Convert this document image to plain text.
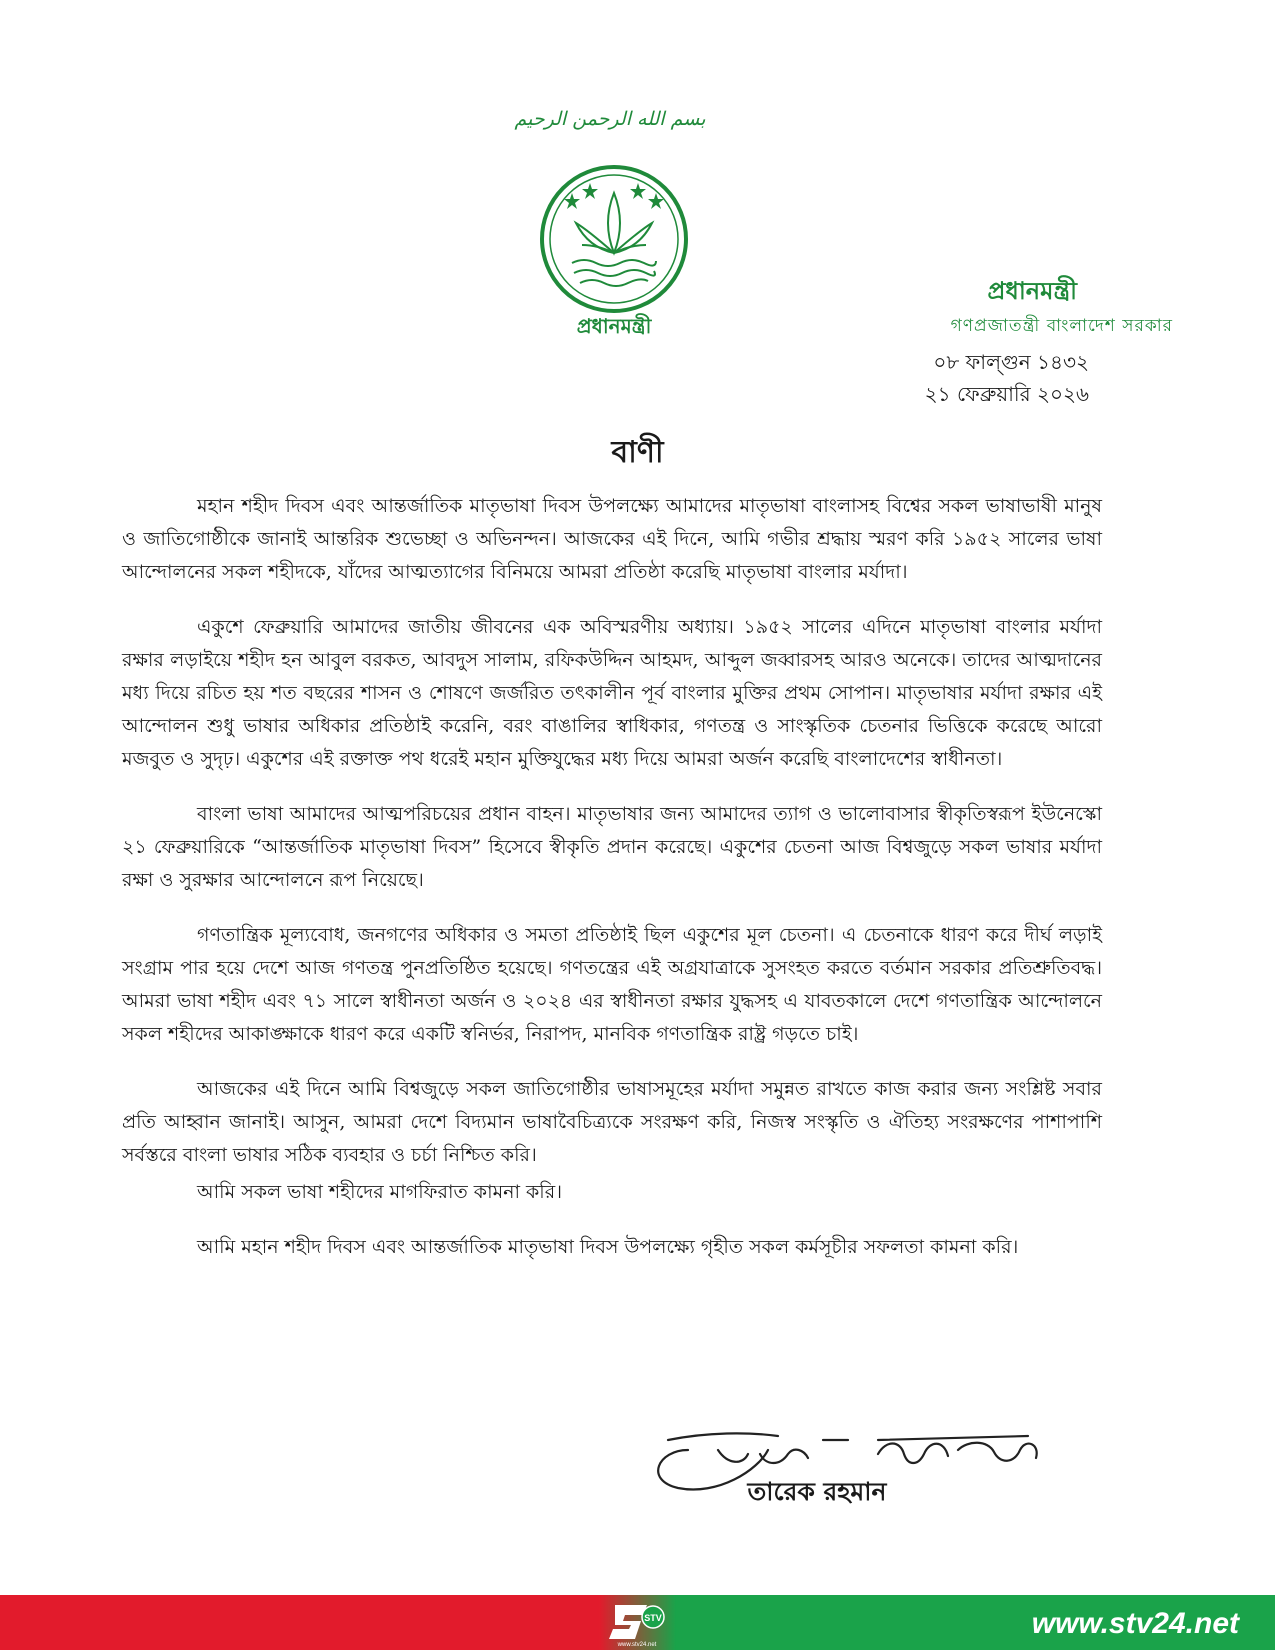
بسم الله الرحمن الرحيم
প্রধানমন্ত্রী
প্রধানমন্ত্রী
গণপ্রজাতন্ত্রী বাংলাদেশ সরকার
০৮ ফাল্গুন ১৪৩২
২১ ফেব্রুয়ারি ২০২৬
বাণী

মহান শহীদ দিবস এবং আন্তর্জাতিক মাতৃভাষা দিবস উপলক্ষ্যে আমাদের মাতৃভাষা বাংলাসহ বিশ্বের সকল ভাষাভাষী মানুষ ও জাতিগোষ্ঠীকে জানাই আন্তরিক শুভেচ্ছা ও অভিনন্দন। আজকের এই দিনে, আমি গভীর শ্রদ্ধায় স্মরণ করি ১৯৫২ সালের ভাষা আন্দোলনের সকল শহীদকে, যাঁদের আত্মত্যাগের বিনিময়ে আমরা প্রতিষ্ঠা করেছি মাতৃভাষা বাংলার মর্যাদা।

একুশে ফেব্রুয়ারি আমাদের জাতীয় জীবনের এক অবিস্মরণীয় অধ্যায়। ১৯৫২ সালের এদিনে মাতৃভাষা বাংলার মর্যাদা রক্ষার লড়াইয়ে শহীদ হন আবুল বরকত, আবদুস সালাম, রফিকউদ্দিন আহমদ, আব্দুল জব্বারসহ আরও অনেকে। তাদের আত্মদানের মধ্য দিয়ে রচিত হয় শত বছরের শাসন ও শোষণে জর্জরিত তৎকালীন পূর্ব বাংলার মুক্তির প্রথম সোপান। মাতৃভাষার মর্যাদা রক্ষার এই আন্দোলন শুধু ভাষার অধিকার প্রতিষ্ঠাই করেনি, বরং বাঙালির স্বাধিকার, গণতন্ত্র ও সাংস্কৃতিক চেতনার ভিত্তিকে করেছে আরো মজবুত ও সুদৃঢ়। একুশের এই রক্তাক্ত পথ ধরেই মহান মুক্তিযুদ্ধের মধ্য দিয়ে আমরা অর্জন করেছি বাংলাদেশের স্বাধীনতা।

বাংলা ভাষা আমাদের আত্মপরিচয়ের প্রধান বাহন। মাতৃভাষার জন্য আমাদের ত্যাগ ও ভালোবাসার স্বীকৃতিস্বরূপ ইউনেস্কো ২১ ফেব্রুয়ারিকে “আন্তর্জাতিক মাতৃভাষা দিবস” হিসেবে স্বীকৃতি প্রদান করেছে। একুশের চেতনা আজ বিশ্বজুড়ে সকল ভাষার মর্যাদা রক্ষা ও সুরক্ষার আন্দোলনে রূপ নিয়েছে।

গণতান্ত্রিক মূল্যবোধ, জনগণের অধিকার ও সমতা প্রতিষ্ঠাই ছিল একুশের মূল চেতনা। এ চেতনাকে ধারণ করে দীর্ঘ লড়াই সংগ্রাম পার হয়ে দেশে আজ গণতন্ত্র পুনপ্রতিষ্ঠিত হয়েছে। গণতন্ত্রের এই অগ্রযাত্রাকে সুসংহত করতে বর্তমান সরকার প্রতিশ্রুতিবদ্ধ। আমরা ভাষা শহীদ এবং ৭১ সালে স্বাধীনতা অর্জন ও ২০২৪ এর স্বাধীনতা রক্ষার যুদ্ধসহ এ যাবতকালে দেশে গণতান্ত্রিক আন্দোলনে সকল শহীদের আকাঙ্ক্ষাকে ধারণ করে একটি স্বনির্ভর, নিরাপদ, মানবিক গণতান্ত্রিক রাষ্ট্র গড়তে চাই।

আজকের এই দিনে আমি বিশ্বজুড়ে সকল জাতিগোষ্ঠীর ভাষাসমূহের মর্যাদা সমুন্নত রাখতে কাজ করার জন্য সংশ্লিষ্ট সবার প্রতি আহ্বান জানাই। আসুন, আমরা দেশে বিদ্যমান ভাষাবৈচিত্র্যকে সংরক্ষণ করি, নিজস্ব সংস্কৃতি ও ঐতিহ্য সংরক্ষণের পাশাপাশি সর্বস্তরে বাংলা ভাষার সঠিক ব্যবহার ও চর্চা নিশ্চিত করি।

আমি সকল ভাষা শহীদের মাগফিরাত কামনা করি।

আমি মহান শহীদ দিবস এবং আন্তর্জাতিক মাতৃভাষা দিবস উপলক্ষ্যে গৃহীত সকল কর্মসূচীর সফলতা কামনা করি।

তারেক রহমান
STV
www.stv24.net
www.stv24.net
